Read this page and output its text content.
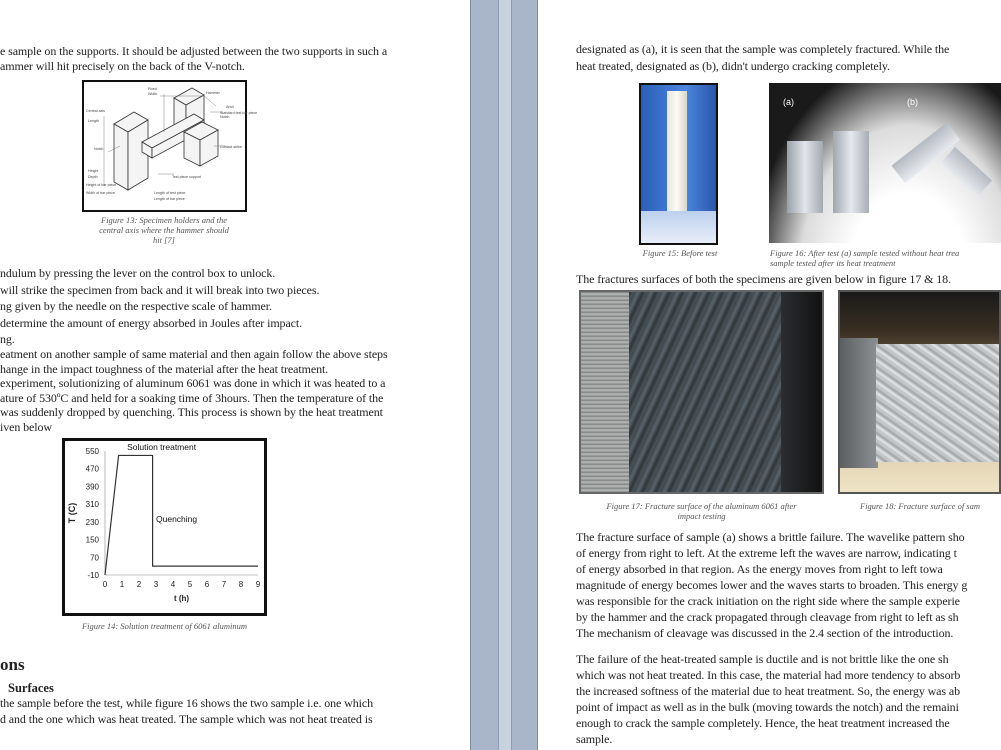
e sample on the supports. It should be adjusted between the two supports in such a
ammer will hit precisely on the back of the V-notch.
Fixed
Width
Central axis
Length
Hammer
Notch
Height
Depth
Anvil
Standard test bar piece
Notch
Contact strike
Height of bar piece
Width of bar piece
Test piece support
Length of test piece
Length of bar piece
Figure 13: Specimen holders and the
central axis where the hammer should
hit [7]
ndulum by pressing the lever on the control box to unlock.
will strike the specimen from back and it will break into two pieces.
ng given by the needle on the respective scale of hammer.
determine the amount of energy absorbed in Joules after impact.
ng.
eatment on another sample of same material and then again follow the above steps
hange in the impact toughness of the material after the heat treatment.
experiment, solutionizing of aluminum 6061 was done in which it was heated to a
ature of 530ºC and held for a soaking time of 3hours. Then the temperature of the
was suddenly dropped by quenching. This process is shown by the heat treatment
iven below
-10
70
150
230
310
390
470
550
0 1 2 3 4 5 6 7 8 9
t (h)
T (C)
Solution treatment
Quenching
Figure 14: Solution treatment of 6061 aluminum
ons
Surfaces
the sample before the test, while figure 16 shows the two sample i.e. one which
d and the one which was heat treated. The sample which was not heat treated is
designated as (a), it is seen that the sample was completely fractured. While the
heat treated, designated as (b), didn't undergo cracking completely.
Figure 15: Before test
(a)	(b)
Figure 16: After test (a) sample tested without heat trea
sample tested after its heat treatment
The fractures surfaces of both the specimens are given below in figure 17 & 18.
Figure 17: Fracture surface of the aluminum 6061 after
impact testing
Figure 18: Fracture surface of sam
The fracture surface of sample (a) shows a brittle failure. The wavelike pattern sho
of energy from right to left. At the extreme left the waves are narrow, indicating t
of energy absorbed in that region. As the energy moves from right to left towa
magnitude of energy becomes lower and the waves starts to broaden. This energy g
was responsible for the crack initiation on the right side where the sample experie
by the hammer and the crack propagated through cleavage from right to left as sh
The mechanism of cleavage was discussed in the 2.4 section of the introduction.
The failure of the heat-treated sample is ductile and is not brittle like the one sh
which was not heat treated. In this case, the material had more tendency to absorb
the increased softness of the material due to heat treatment. So, the energy was ab
point of impact as well as in the bulk (moving towards the notch) and the remaini
enough to crack the sample completely. Hence, the heat treatment increased the
sample.
